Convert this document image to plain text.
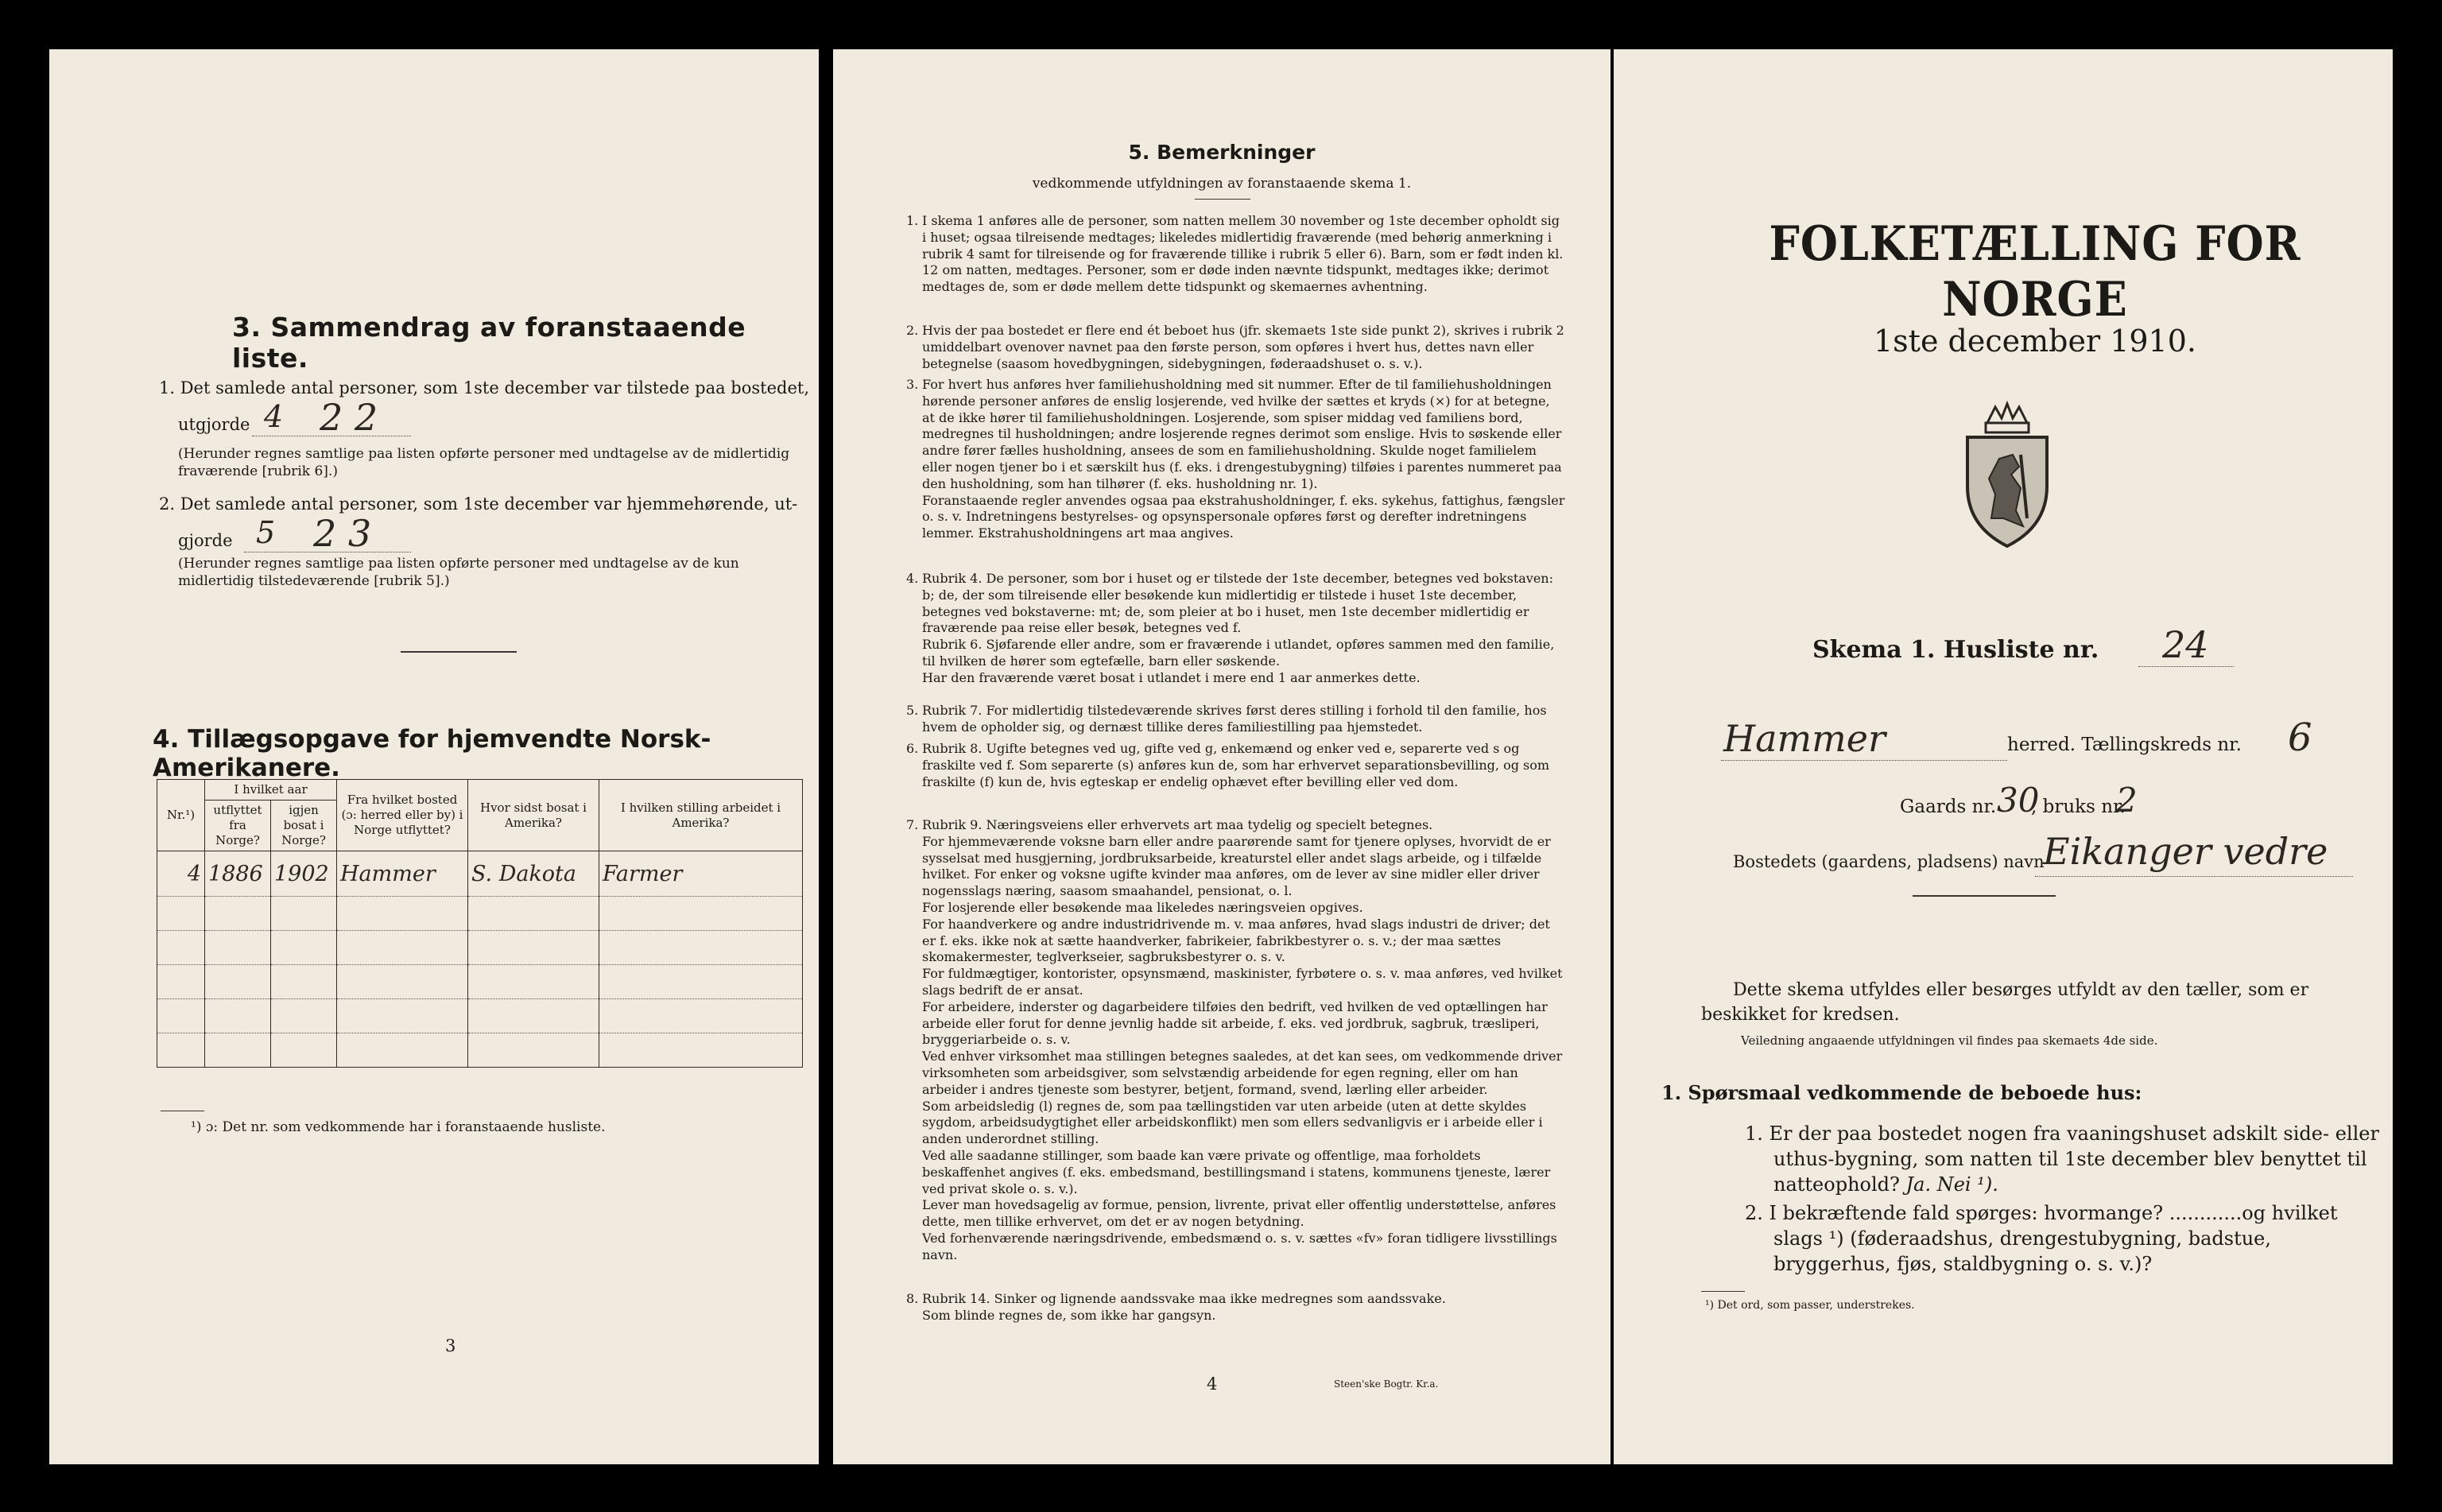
3. Sammendrag av foranstaaende liste.
1. Det samlede antal personer, som 1ste december var tilstede paa bostedet,
utgjorde 4 2 2
(Herunder regnes samtlige paa listen opførte personer med undtagelse av de midlertidig fraværende [rubrik 6].)
2. Det samlede antal personer, som 1ste december var hjemmehørende, ut-
gjorde 5 2 3
(Herunder regnes samtlige paa listen opførte personer med undtagelse av de kun midlertidig tilstedeværende [rubrik 5].)
4. Tillægsopgave for hjemvendte Norsk-Amerikanere.
Nr.¹)	I hvilket aar		Fra hvilket bosted (ɔ: herred eller by) i Norge utflyttet?	Hvor sidst bosat i Amerika?	I hvilken stilling arbeidet i Amerika?
	utflyttet fra Norge?	igjen bosat i Norge?			
4	1886	1902	Hammer	S. Dakota	Farmer

¹) ɔ: Det nr. som vedkommende har i foranstaaende husliste.
3
5. Bemerkninger
vedkommende utfyldningen av foranstaaende skema 1.
1. I skema 1 anføres alle de personer, som natten mellem 30 november og 1ste december opholdt sig i huset; ogsaa tilreisende medtages; likeledes midlertidig fraværende (med behørig anmerkning i rubrik 4 samt for tilreisende og for fraværende tillike i rubrik 5 eller 6). Barn, som er født inden kl. 12 om natten, medtages. Personer, som er døde inden nævnte tidspunkt, medtages ikke; derimot medtages de, som er døde mellem dette tidspunkt og skemaernes avhentning.
2. Hvis der paa bostedet er flere end ét beboet hus (jfr. skemaets 1ste side punkt 2), skrives i rubrik 2 umiddelbart ovenover navnet paa den første person, som opføres i hvert hus, dettes navn eller betegnelse (saasom hovedbygningen, sidebygningen, føderaadshuset o. s. v.).
3. For hvert hus anføres hver familiehusholdning med sit nummer. Efter de til familiehusholdningen hørende personer anføres de enslig losjerende, ved hvilke der sættes et kryds (×) for at betegne, at de ikke hører til familiehusholdningen. Losjerende, som spiser middag ved familiens bord, medregnes til husholdningen; andre losjerende regnes derimot som enslige. Hvis to søskende eller andre fører fælles husholdning, ansees de som en familiehusholdning. Skulde noget familielem eller nogen tjener bo i et særskilt hus (f. eks. i drengestubygning) tilføies i parentes nummeret paa den husholdning, som han tilhører (f. eks. husholdning nr. 1).
Foranstaaende regler anvendes ogsaa paa ekstrahusholdninger, f. eks. sykehus, fattighus, fængsler o. s. v. Indretningens bestyrelses- og opsynspersonale opføres først og derefter indretningens lemmer. Ekstrahusholdningens art maa angives.
4. Rubrik 4. De personer, som bor i huset og er tilstede der 1ste december, betegnes ved bokstaven: b; de, der som tilreisende eller besøkende kun midlertidig er tilstede i huset 1ste december, betegnes ved bokstaverne: mt; de, som pleier at bo i huset, men 1ste december midlertidig er fraværende paa reise eller besøk, betegnes ved f.
Rubrik 6. Sjøfarende eller andre, som er fraværende i utlandet, opføres sammen med den familie, til hvilken de hører som egtefælle, barn eller søskende.
Har den fraværende været bosat i utlandet i mere end 1 aar anmerkes dette.
5. Rubrik 7. For midlertidig tilstedeværende skrives først deres stilling i forhold til den familie, hos hvem de opholder sig, og dernæst tillike deres familiestilling paa hjemstedet.
6. Rubrik 8. Ugifte betegnes ved ug, gifte ved g, enkemænd og enker ved e, separerte ved s og fraskilte ved f. Som separerte (s) anføres kun de, som har erhvervet separationsbevilling, og som fraskilte (f) kun de, hvis egteskap er endelig ophævet efter bevilling eller ved dom.
7. Rubrik 9. Næringsveiens eller erhvervets art maa tydelig og specielt betegnes.
For hjemmeværende voksne barn eller andre paarørende samt for tjenere oplyses, hvorvidt de er sysselsat med husgjerning, jordbruksarbeide, kreaturstel eller andet slags arbeide, og i tilfælde hvilket. For enker og voksne ugifte kvinder maa anføres, om de lever av sine midler eller driver nogensslags næring, saasom smaahandel, pensionat, o. l.
For losjerende eller besøkende maa likeledes næringsveien opgives.
For haandverkere og andre industridrivende m. v. maa anføres, hvad slags industri de driver; det er f. eks. ikke nok at sætte haandverker, fabrikeier, fabrikbestyrer o. s. v.; der maa sættes skomakermester, teglverkseier, sagbruksbestyrer o. s. v.
For fuldmægtiger, kontorister, opsynsmænd, maskinister, fyrbøtere o. s. v. maa anføres, ved hvilket slags bedrift de er ansat.
For arbeidere, inderster og dagarbeidere tilføies den bedrift, ved hvilken de ved optællingen har arbeide eller forut for denne jevnlig hadde sit arbeide, f. eks. ved jordbruk, sagbruk, træsliperi, bryggeriarbeide o. s. v.
Ved enhver virksomhet maa stillingen betegnes saaledes, at det kan sees, om vedkommende driver virksomheten som arbeidsgiver, som selvstændig arbeidende for egen regning, eller om han arbeider i andres tjeneste som bestyrer, betjent, formand, svend, lærling eller arbeider.
Som arbeidsledig (l) regnes de, som paa tællingstiden var uten arbeide (uten at dette skyldes sygdom, arbeidsudygtighet eller arbeidskonflikt) men som ellers sedvanligvis er i arbeide eller i anden underordnet stilling.
Ved alle saadanne stillinger, som baade kan være private og offentlige, maa forholdets beskaffenhet angives (f. eks. embedsmand, bestillingsmand i statens, kommunens tjeneste, lærer ved privat skole o. s. v.).
Lever man hovedsagelig av formue, pension, livrente, privat eller offentlig understøttelse, anføres dette, men tillike erhvervet, om det er av nogen betydning.
Ved forhenværende næringsdrivende, embedsmænd o. s. v. sættes «fv» foran tidligere livsstillings navn.
8. Rubrik 14. Sinker og lignende aandssvake maa ikke medregnes som aandssvake.
Som blinde regnes de, som ikke har gangsyn.
4	Steen'ske Bogtr. Kr.a.
FOLKETÆLLING FOR NORGE
1ste december 1910.
Skema 1. Husliste nr. 24
Hammer	herred. Tællingskreds nr. 6
Gaards nr. 30
, bruks nr.
2
Bostedets (gaardens, pladsens) navn
Eikanger vedre
Dette skema utfyldes eller besørges utfyldt av den tæller, som er beskikket for kredsen.
Veiledning angaaende utfyldningen vil findes paa skemaets 4de side.
1. Spørsmaal vedkommende de beboede hus:
1. Er der paa bostedet nogen fra vaaningshuset adskilt side- eller uthus-bygning, som natten til 1ste december blev benyttet til natteophold? Ja. Nei ¹).
2. I bekræftende fald spørges: hvormange? ............og hvilket slags ¹) (føderaadshus, drengestubygning, badstue, bryggerhus, fjøs, staldbygning o. s. v.)?
¹) Det ord, som passer, understrekes.
